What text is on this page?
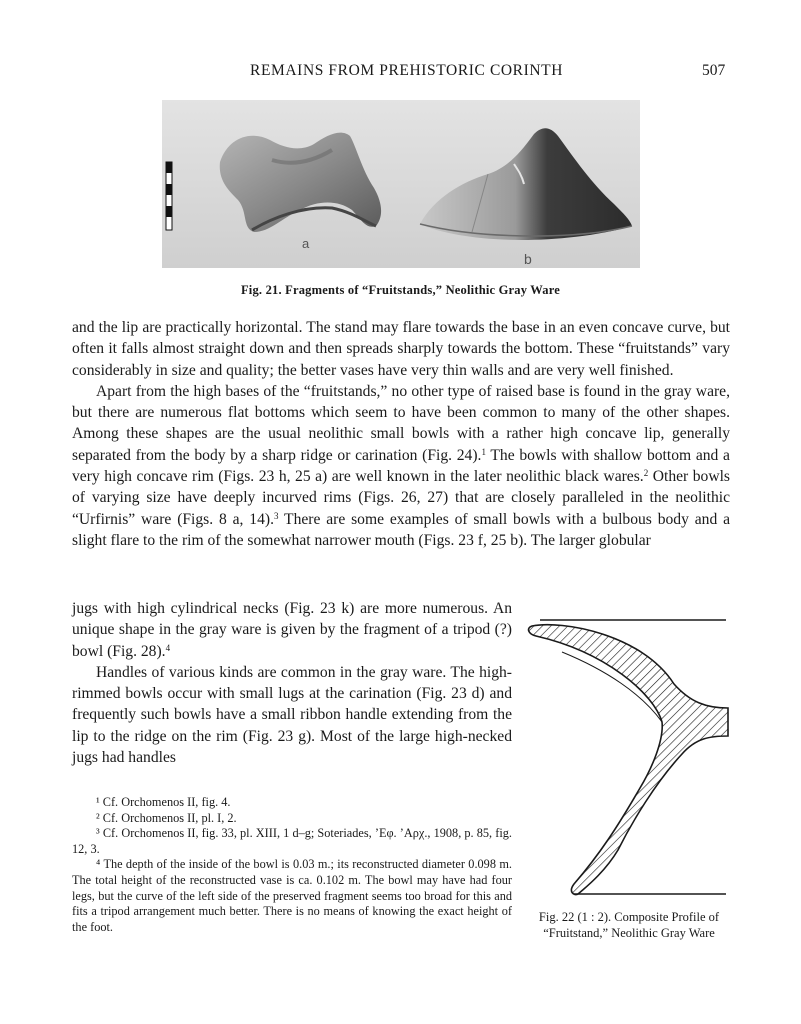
REMAINS FROM PREHISTORIC CORINTH	507
a
b
Fig. 21. Fragments of “Fruitstands,” Neolithic Gray Ware

and the lip are practically horizontal. The stand may flare towards the base in an even concave curve, but often it falls almost straight down and then spreads sharply towards the bottom. These “fruitstands” vary considerably in size and quality; the better vases have very thin walls and are very well finished.

Apart from the high bases of the “fruitstands,” no other type of raised base is found in the gray ware, but there are numerous flat bottoms which seem to have been common to many of the other shapes. Among these shapes are the usual neolithic small bowls with a rather high concave lip, generally separated from the body by a sharp ridge or carination (Fig. 24).$^1$ The bowls with shallow bottom and a very high concave rim (Figs. 23 h, 25 a) are well known in the later neolithic black wares.$^2$ Other bowls of varying size have deeply incurved rims (Figs. 26, 27) that are closely paralleled in the neolithic “Urfirnis” ware (Figs. 8 a, 14).$^3$ There are some examples of small bowls with a bulbous body and a slight flare to the rim of the somewhat narrower mouth (Figs. 23 f, 25 b). The larger globular

jugs with high cylindrical necks (Fig. 23 k) are more numerous. An unique shape in the gray ware is given by the fragment of a tripod (?) bowl (Fig. 28).$^4$

Handles of various kinds are common in the gray ware. The high-rimmed bowls occur with small lugs at the carination (Fig. 23 d) and frequently such bowls have a small ribbon handle extending from the lip to the ridge on the rim (Fig. 23 g). Most of the large high-necked jugs had handles

Fig. 22 (1 : 2). Composite Profile of “Fruitstand,” Neolithic Gray Ware

¹ Cf. Orchomenos II, fig. 4.

² Cf. Orchomenos II, pl. I, 2.

³ Cf. Orchomenos II, fig. 33, pl. XIII, 1 d–g; Soteriades, ’Eφ. ’Aρχ., 1908, p. 85, fig. 12, 3.

⁴ The depth of the inside of the bowl is 0.03 m.; its reconstructed diameter 0.098 m. The total height of the reconstructed vase is ca. 0.102 m. The bowl may have had four legs, but the curve of the left side of the preserved fragment seems too broad for this and fits a tripod arrangement much better. There is no means of knowing the exact height of the foot.
